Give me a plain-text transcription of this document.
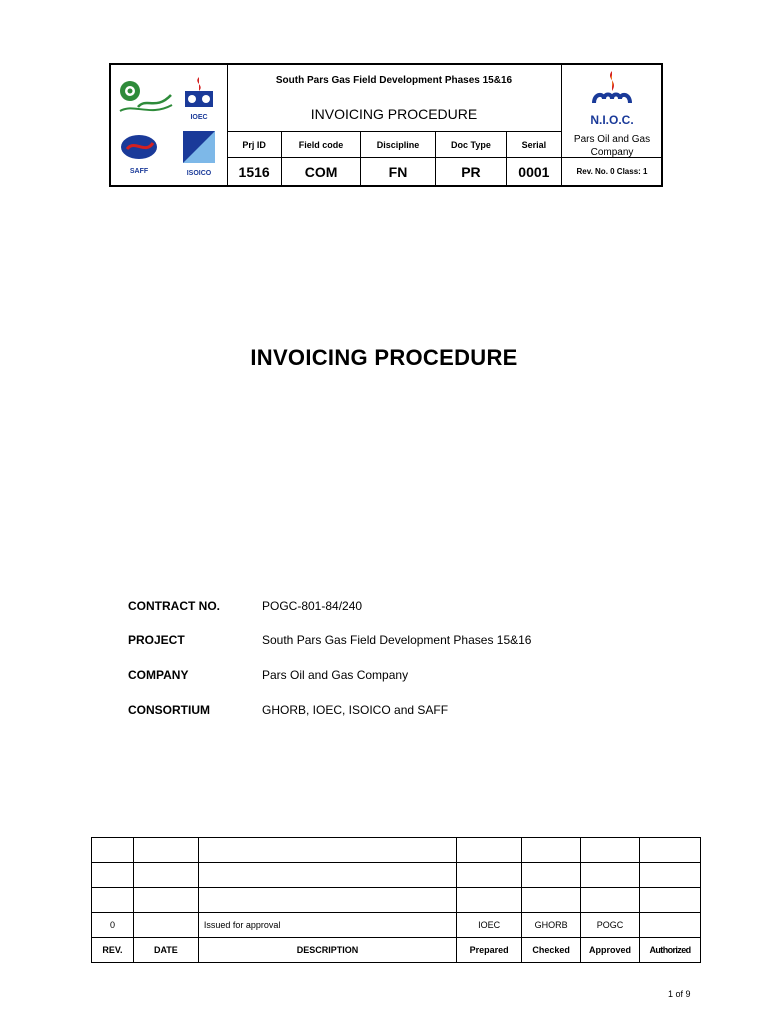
IOEC
SAFF	ISOICO
South Pars Gas Field Development Phases 15&16
INVOICING PROCEDURE
Prj ID	Field code	Discipline	Doc Type	Serial
1516	COM	FN	PR	0001
N.I.O.C.
Pars Oil and Gas Company
Rev. No. 0 Class: 1
INVOICING PROCEDURE
CONTRACT NO.	POGC-801-84/240
PROJECT	South Pars Gas Field Development Phases 15&16
COMPANY	Pars Oil and Gas Company
CONSORTIUM	GHORB, IOEC, ISOICO and SAFF

0		Issued for approval	IOEC	GHORB	POGC	
REV.	DATE	DESCRIPTION	Prepared	Checked	Approved	Authorized
1 of 9
